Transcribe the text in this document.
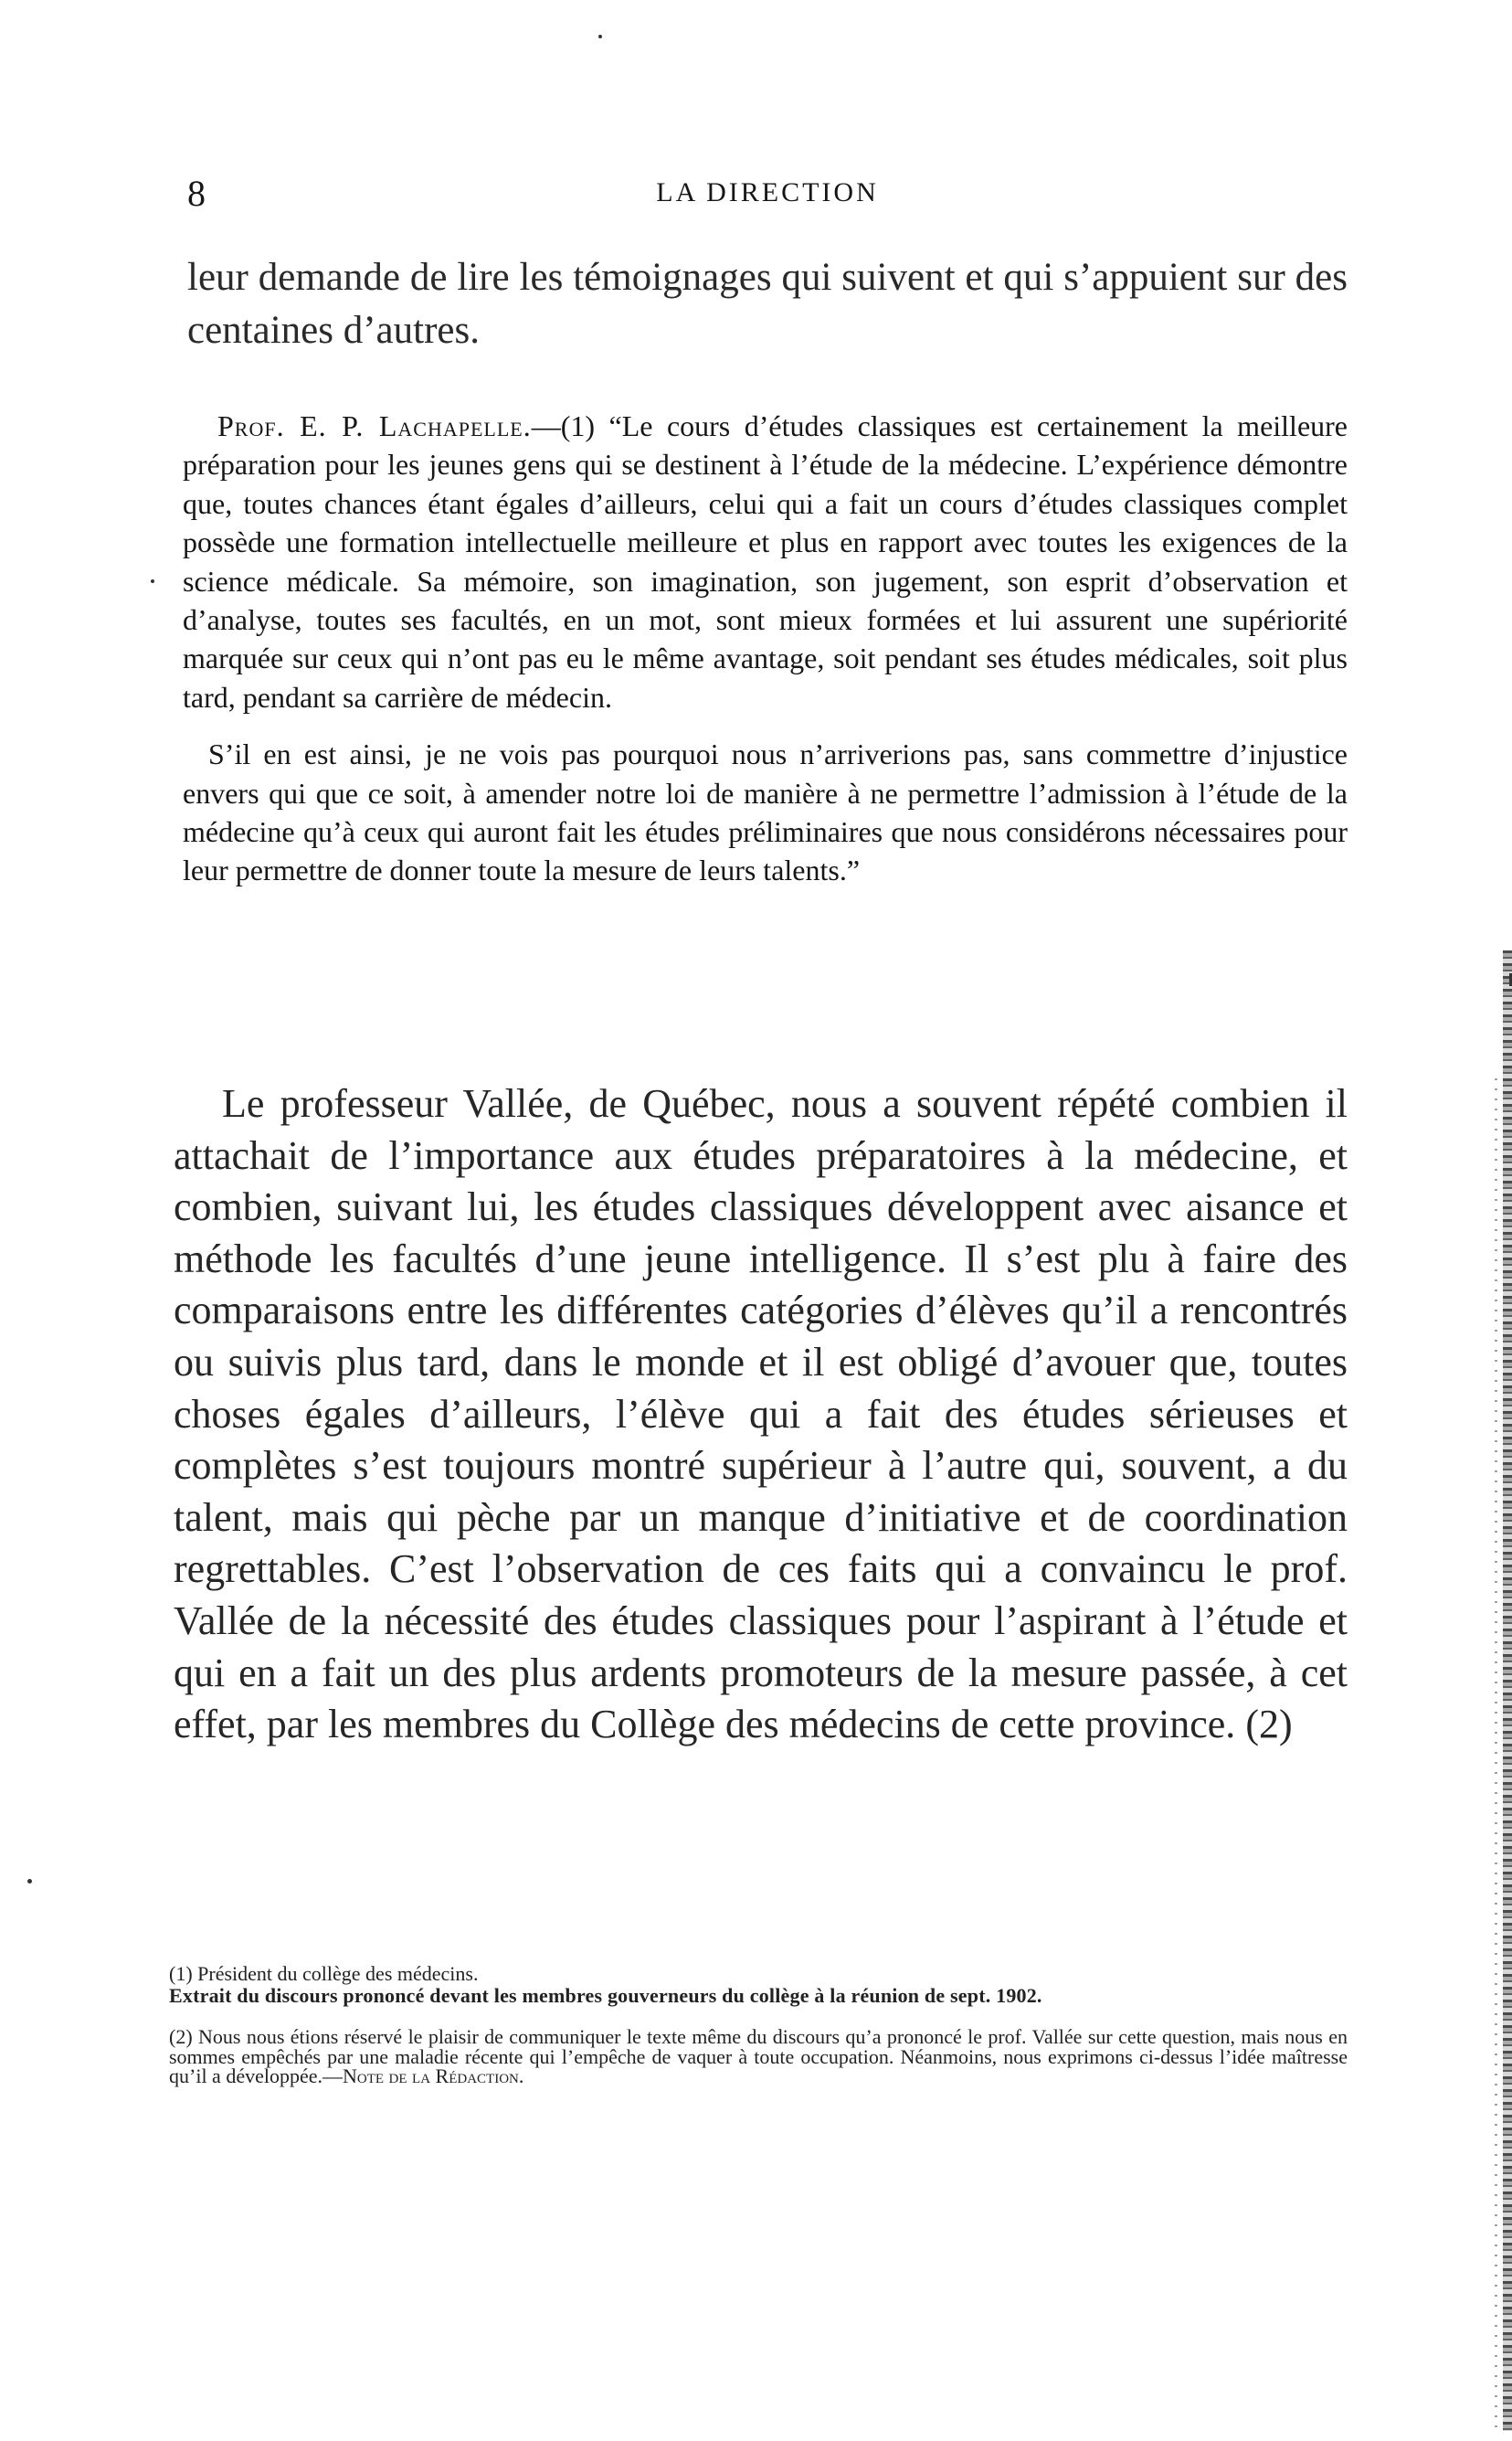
8	LA DIRECTION

leur demande de lire les témoignages qui suivent et qui s’appuient sur des centaines d’autres.

Prof. E. P. Lachapelle.—(1) “Le cours d’études classiques est certainement la meilleure préparation pour les jeunes gens qui se destinent à l’étude de la médecine. L’expérience démontre que, toutes chances étant égales d’ailleurs, celui qui a fait un cours d’études classiques complet possède une formation intellectuelle meilleure et plus en rapport avec toutes les exigences de la science médicale. Sa mémoire, son imagination, son jugement, son esprit d’observation et d’analyse, toutes ses facultés, en un mot, sont mieux formées et lui assurent une supériorité marquée sur ceux qui n’ont pas eu le même avantage, soit pendant ses études médicales, soit plus tard, pendant sa carrière de médecin.

S’il en est ainsi, je ne vois pas pourquoi nous n’arriverions pas, sans commettre d’injustice envers qui que ce soit, à amender notre loi de manière à ne permettre l’admission à l’étude de la médecine qu’à ceux qui auront fait les études préliminaires que nous considérons nécessaires pour leur permettre de donner toute la mesure de leurs talents.”

Le professeur Vallée, de Québec, nous a souvent répété combien il attachait de l’importance aux études préparatoires à la médecine, et combien, suivant lui, les études classiques développent avec aisance et méthode les facultés d’une jeune intelligence. Il s’est plu à faire des comparaisons entre les différentes catégories d’élèves qu’il a rencontrés ou suivis plus tard, dans le monde et il est obligé d’avouer que, toutes choses égales d’ailleurs, l’élève qui a fait des études sérieuses et complètes s’est toujours montré supérieur à l’autre qui, souvent, a du talent, mais qui pèche par un manque d’initiative et de coordination regrettables. C’est l’observation de ces faits qui a convaincu le prof. Vallée de la nécessité des études classiques pour l’aspirant à l’étude et qui en a fait un des plus ardents promoteurs de la mesure passée, à cet effet, par les membres du Collège des médecins de cette province. (2)

(1) Président du collège des médecins.

Extrait du discours prononcé devant les membres gouverneurs du collège à la réunion de sept. 1902.

(2) Nous nous étions réservé le plaisir de communiquer le texte même du discours qu’a prononcé le prof. Vallée sur cette question, mais nous en sommes empêchés par une maladie récente qui l’empêche de vaquer à toute occupation. Néanmoins, nous exprimons ci-dessus l’idée maîtresse qu’il a développée.—Note de la Rédaction.
